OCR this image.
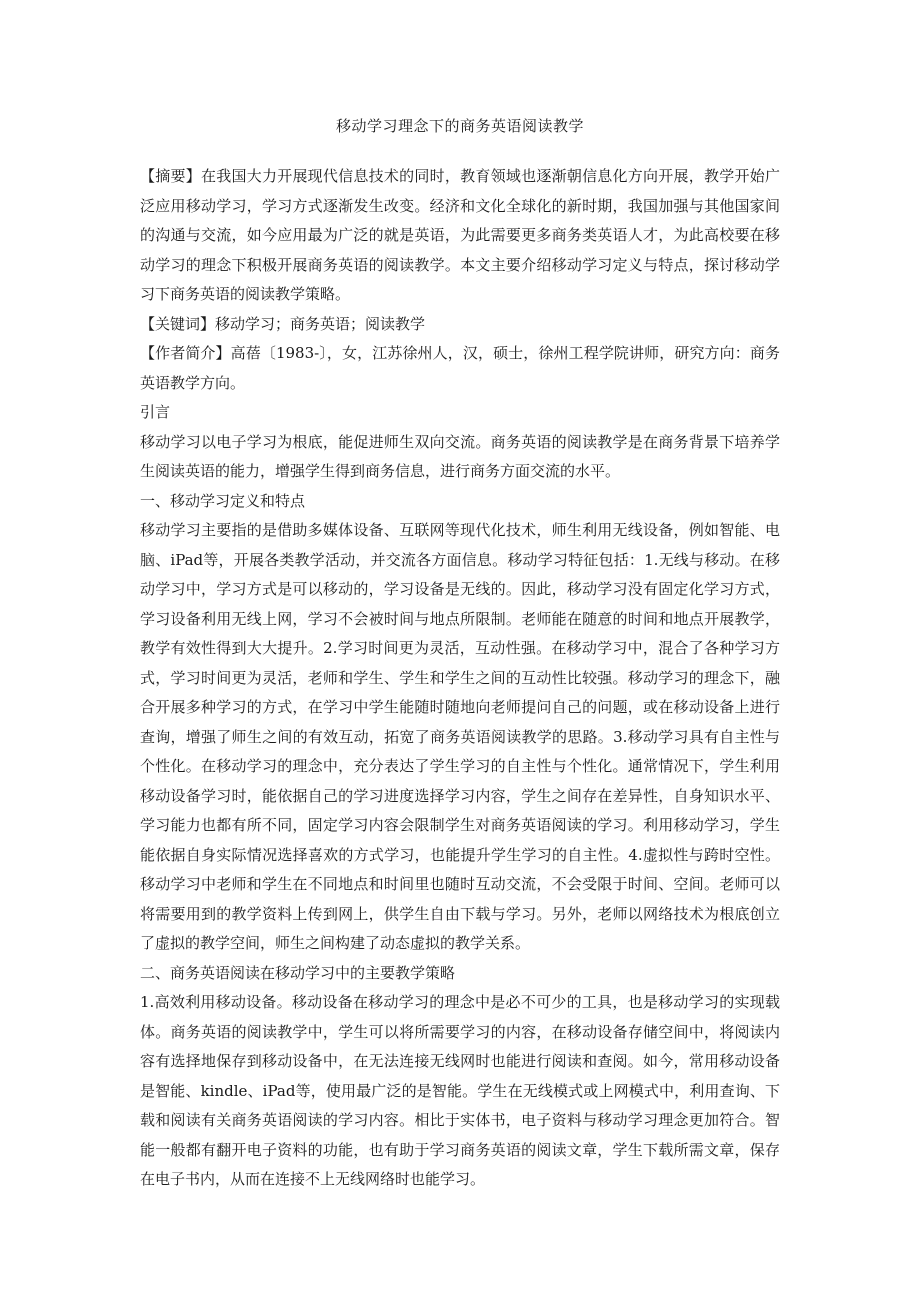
移动学习理念下的商务英语阅读教学

【摘要】在我国大力开展现代信息技术的同时，教育领域也逐渐朝信息化方向开展，教学开始广泛应用移动学习，学习方式逐渐发生改变。经济和文化全球化的新时期，我国加强与其他国家间的沟通与交流，如今应用最为广泛的就是英语，为此需要更多商务类英语人才，为此高校要在移动学习的理念下积极开展商务英语的阅读教学。本文主要介绍移动学习定义与特点，探讨移动学习下商务英语的阅读教学策略。

【关键词】移动学习；商务英语；阅读教学

【作者简介】高蓓〔1983-〕，女，江苏徐州人，汉，硕士，徐州工程学院讲师，研究方向：商务英语教学方向。

引言

移动学习以电子学习为根底，能促进师生双向交流。商务英语的阅读教学是在商务背景下培养学生阅读英语的能力，增强学生得到商务信息，进行商务方面交流的水平。

一、移动学习定义和特点

移动学习主要指的是借助多媒体设备、互联网等现代化技术，师生利用无线设备，例如智能、电脑、iPad等，开展各类教学活动，并交流各方面信息。移动学习特征包括：1.无线与移动。在移动学习中，学习方式是可以移动的，学习设备是无线的。因此，移动学习没有固定化学习方式，学习设备利用无线上网，学习不会被时间与地点所限制。老师能在随意的时间和地点开展教学，教学有效性得到大大提升。2.学习时间更为灵活，互动性强。在移动学习中，混合了各种学习方式，学习时间更为灵活，老师和学生、学生和学生之间的互动性比较强。移动学习的理念下，融合开展多种学习的方式，在学习中学生能随时随地向老师提问自己的问题，或在移动设备上进行查询，增强了师生之间的有效互动，拓宽了商务英语阅读教学的思路。3.移动学习具有自主性与个性化。在移动学习的理念中，充分表达了学生学习的自主性与个性化。通常情况下，学生利用移动设备学习时，能依据自己的学习进度选择学习内容，学生之间存在差异性，自身知识水平、学习能力也都有所不同，固定学习内容会限制学生对商务英语阅读的学习。利用移动学习，学生能依据自身实际情况选择喜欢的方式学习，也能提升学生学习的自主性。4.虚拟性与跨时空性。移动学习中老师和学生在不同地点和时间里也随时互动交流，不会受限于时间、空间。老师可以将需要用到的教学资料上传到网上，供学生自由下载与学习。另外，老师以网络技术为根底创立了虚拟的教学空间，师生之间构建了动态虚拟的教学关系。

二、商务英语阅读在移动学习中的主要教学策略

1.高效利用移动设备。移动设备在移动学习的理念中是必不可少的工具，也是移动学习的实现载体。商务英语的阅读教学中，学生可以将所需要学习的内容，在移动设备存储空间中，将阅读内容有选择地保存到移动设备中，在无法连接无线网时也能进行阅读和查阅。如今，常用移动设备是智能、kindle、iPad等，使用最广泛的是智能。学生在无线模式或上网模式中，利用查询、下载和阅读有关商务英语阅读的学习内容。相比于实体书，电子资料与移动学习理念更加符合。智能一般都有翻开电子资料的功能，也有助于学习商务英语的阅读文章，学生下载所需文章，保存在电子书内，从而在连接不上无线网络时也能学习。
